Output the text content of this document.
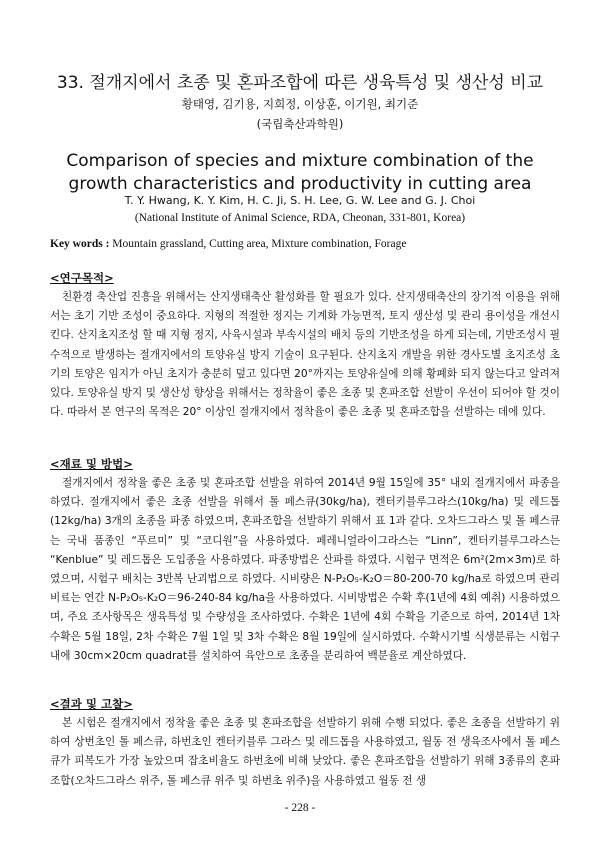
33. 절개지에서 초종 및 혼파조합에 따른 생육특성 및 생산성 비교
황태영, 김기용, 지희정, 이상훈, 이기원, 최기준
(국립축산과학원)
Comparison of species and mixture combination of the growth characteristics and productivity in cutting area
T. Y. Hwang, K. Y. Kim, H. C. Ji, S. H. Lee, G. W. Lee and G. J. Choi
(National Institute of Animal Science, RDA, Cheonan, 331-801, Korea)
Key words : Mountain grassland, Cutting area, Mixture combination, Forage
<연구목적>

친환경 축산업 진흥을 위해서는 산지생태축산 활성화를 할 필요가 있다. 산지생태축산의 장기적 이용을 위해서는 초기 기반 조성이 중요하다. 지형의 적절한 정지는 기계화 가능면적, 토지 생산성 및 관리 용이성을 개선시킨다. 산지초지조성 할 때 지형 정지, 사육시설과 부속시설의 배치 등의 기반조성을 하게 되는데, 기반조성시 필수적으로 발생하는 절개지에서의 토양유실 방지 기술이 요구된다. 산지초지 개발을 위한 경사도별 초지조성 초기의 토양은 임지가 아닌 초지가 충분히 덮고 있다면 20°까지는 토양유실에 의해 황폐화 되지 않는다고 알려져 있다. 토양유실 방지 및 생산성 향상을 위해서는 정착율이 좋은 초종 및 혼파조합 선발이 우선이 되어야 할 것이다. 따라서 본 연구의 목적은 20° 이상인 절개지에서 정착율이 좋은 초종 및 혼파조합을 선발하는 데에 있다.

<재료 및 방법>

절개지에서 정착율 좋은 초종 및 혼파조합 선발을 위하여 2014년 9월 15일에 35° 내외 절개지에서 파종을 하였다. 절개지에서 좋은 초종 선발을 위해서 톨 페스큐(30kg/ha), 켄터키블루그라스(10kg/ha) 및 레드톱(12kg/ha) 3개의 초종을 파종 하였으며, 혼파조합을 선발하기 위해서 표 1과 같다. 오차드그라스 및 톨 페스큐는 국내 품종인 “푸르미” 및 “코디원”을 사용하였다. 페레니얼라이그라스는 “Linn”, 켄터키블루그라스는 “Kenblue” 및 레드톱은 도입종을 사용하였다. 파종방법은 산파를 하였다. 시험구 면적은 6m²(2m×3m)로 하였으며, 시험구 배치는 3반복 난괴법으로 하였다. 시비량은 N-P₂O₅-K₂O＝80-200-70 kg/ha로 하였으며 관리 비료는 연간 N-P₂O₅-K₂O＝96-240-84 kg/ha을 사용하였다. 시비방법은 수확 후(1년에 4회 예취) 시용하였으며, 주요 조사항목은 생육특성 및 수량성을 조사하였다. 수확은 1년에 4회 수확을 기준으로 하여, 2014년 1차 수확은 5월 18일, 2차 수확은 7월 1일 및 3차 수확은 8월 19일에 실시하였다. 수확시기별 식생분류는 시험구내에 30cm×20cm quadrat를 설치하여 육안으로 초종을 분리하여 백분율로 계산하였다.

<결과 및 고찰>

본 시험은 절개지에서 정착율 좋은 초종 및 혼파조합을 선발하기 위해 수행 되었다. 좋은 초종을 선발하기 위하여 상번초인 톨 페스큐, 하번초인 켄터키블루 그라스 및 레드톱을 사용하였고, 월동 전 생육조사에서 톨 페스큐가 피복도가 가장 높았으며 잡초비율도 하번초에 비해 낮았다. 좋은 혼파조합을 선발하기 위해 3종류의 혼파조합(오차드그라스 위주, 톨 페스큐 위주 및 하번초 위주)을 사용하였고 월동 전 생

- 228 -
